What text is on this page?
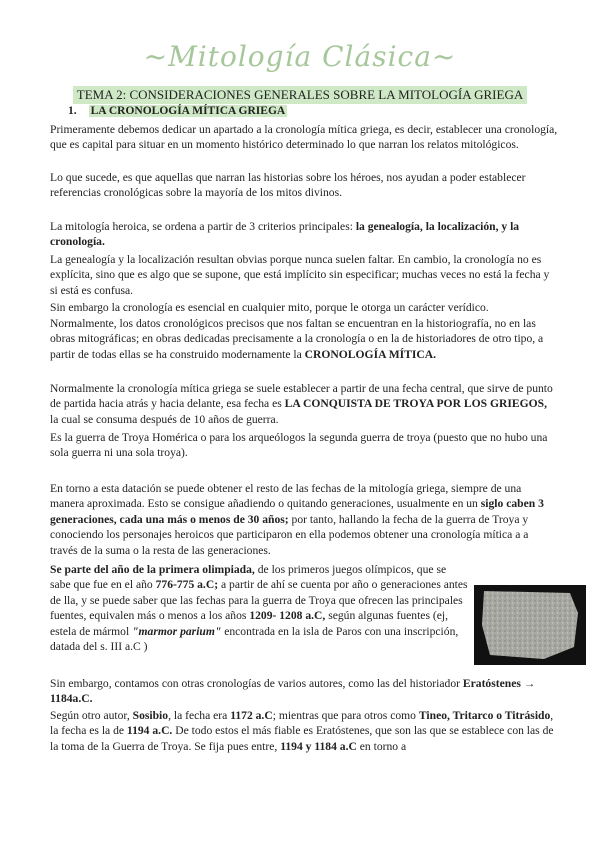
~Mitología Clásica~
TEMA 2: CONSIDERACIONES GENERALES SOBRE LA MITOLOGÍA GRIEGA
1. LA CRONOLOGÍA MÍTICA GRIEGA

Primeramente debemos dedicar un apartado a la cronología mítica griega, es decir, establecer una cronología, que es capital para situar en un momento histórico determinado lo que narran los relatos mitológicos.

Lo que sucede, es que aquellas que narran las historias sobre los héroes, nos ayudan a poder establecer referencias cronológicas sobre la mayoría de los mitos divinos.

La mitología heroica, se ordena a partir de 3 criterios principales: la genealogía, la localización, y la cronología.

La genealogía y la localización resultan obvias porque nunca suelen faltar. En cambio, la cronología no es explícita, sino que es algo que se supone, que está implícito sin especificar; muchas veces no está la fecha y si está es confusa.

Sin embargo la cronología es esencial en cualquier mito, porque le otorga un carácter verídico.

Normalmente, los datos cronológicos precisos que nos faltan se encuentran en la historiografía, no en las obras mitográficas; en obras dedicadas precisamente a la cronología o en la de historiadores de otro tipo, a partir de todas ellas se ha construido modernamente la CRONOLOGÍA MÍTICA.

Normalmente la cronología mítica griega se suele establecer a partir de una fecha central, que sirve de punto de partida hacia atrás y hacia delante, esa fecha es LA CONQUISTA DE TROYA POR LOS GRIEGOS, la cual se consuma después de 10 años de guerra.

Es la guerra de Troya Homérica o para los arqueólogos la segunda guerra de troya (puesto que no hubo una sola guerra ni una sola troya).

En torno a esta datación se puede obtener el resto de las fechas de la mitología griega, siempre de una manera aproximada. Esto se consigue añadiendo o quitando generaciones, usualmente en un siglo caben 3 generaciones, cada una más o menos de 30 años; por tanto, hallando la fecha de la guerra de Troya y conociendo los personajes heroicos que participaron en ella podemos obtener una cronología mítica a a través de la suma o la resta de las generaciones.

Se parte del año de la primera olimpiada, de los primeros juegos olímpicos, que se sabe que fue en el año 776-775 a.C; a partir de ahí se cuenta por año o generaciones antes de lla, y se puede saber que las fechas para la guerra de Troya que ofrecen las principales fuentes, equivalen más o menos a los años 1209- 1208 a.C, según algunas fuentes (ej, estela de mármol "marmor parium" encontrada en la isla de Paros con una inscripción, datada del s. III a.C )

Sin embargo, contamos con otras cronologías de varios autores, como las del historiador Eratóstenes → 1184a.C.

Según otro autor, Sosibio, la fecha era 1172 a.C; mientras que para otros como Tineo, Tritarco o Titrásido, la fecha es la de 1194 a.C. De todo estos el más fiable es Eratóstenes, que son las que se establece con las de la toma de la Guerra de Troya. Se fija pues entre, 1194 y 1184 a.C en torno a
